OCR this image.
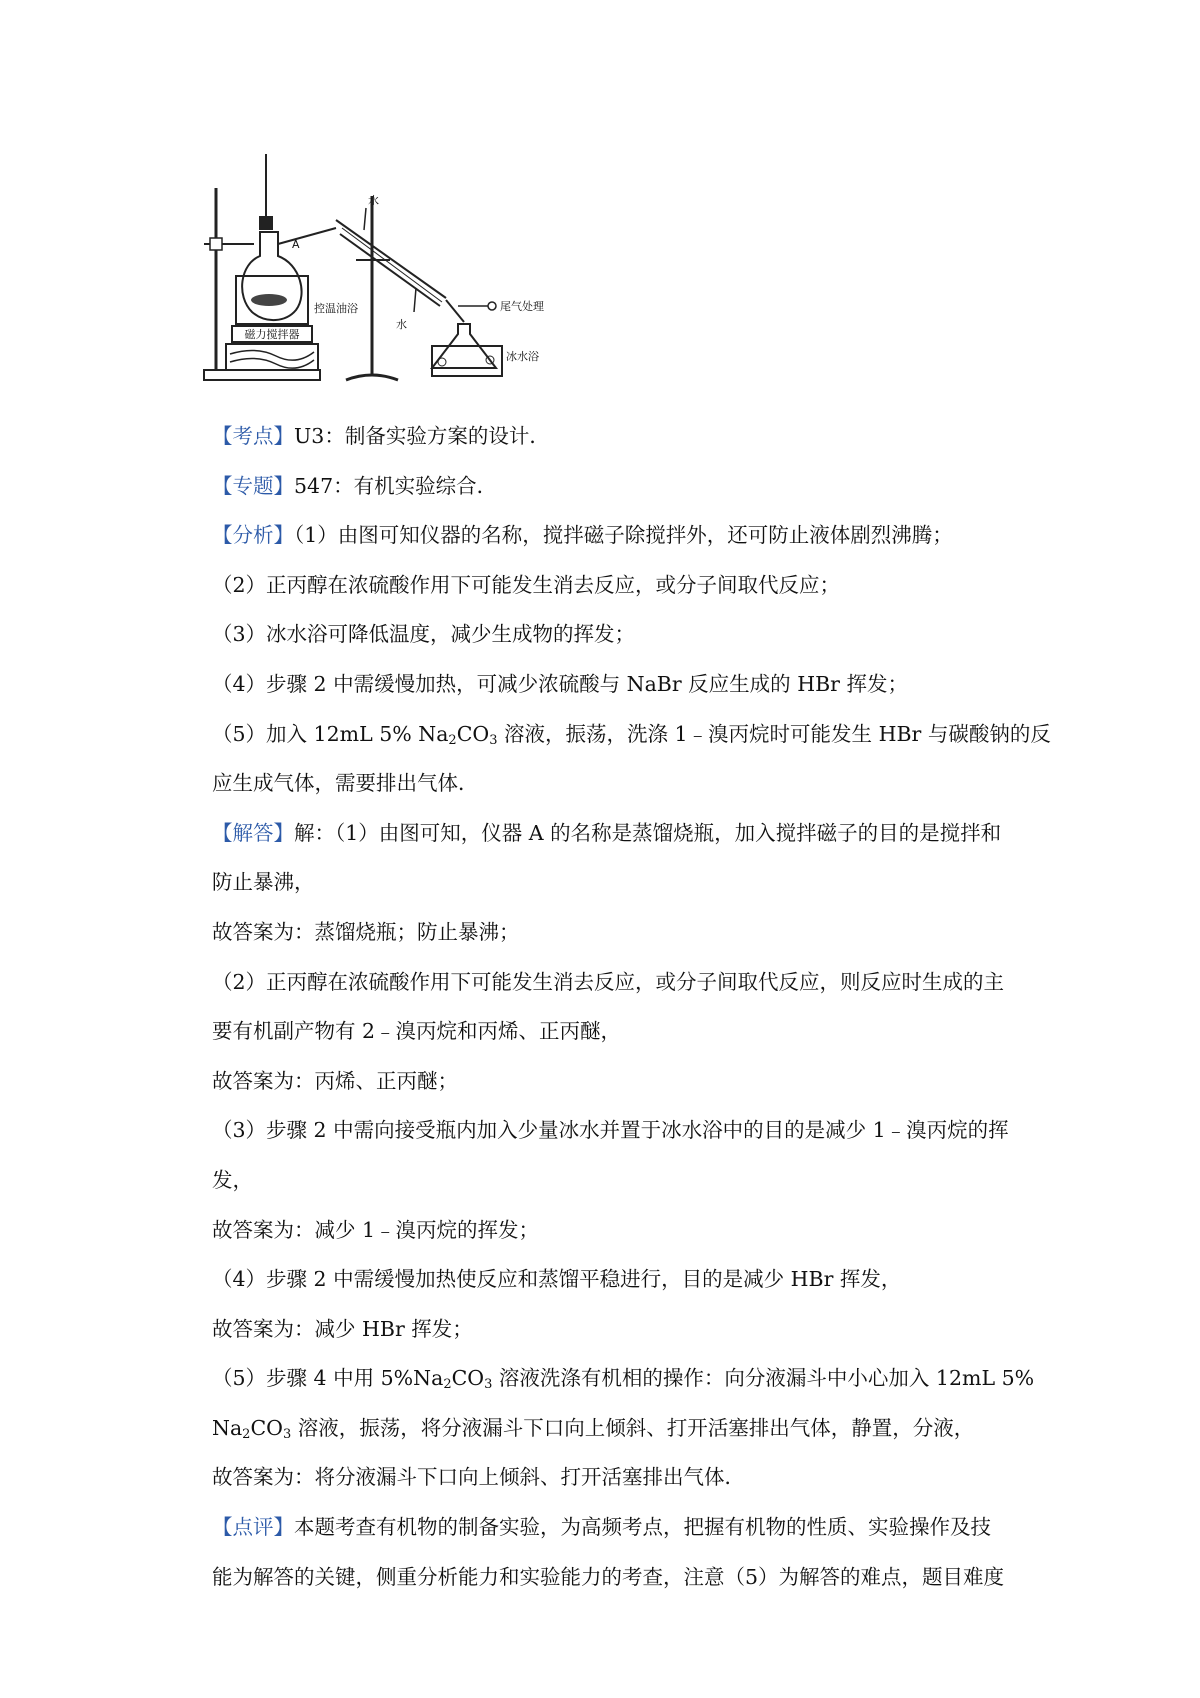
磁力搅拌器
A
水
水
控温油浴	尾气处理
冰水浴
【考点】U3：制备实验方案的设计．
【专题】547：有机实验综合．
【分析】（1）由图可知仪器的名称，搅拌磁子除搅拌外，还可防止液体剧烈沸腾；
（2）正丙醇在浓硫酸作用下可能发生消去反应，或分子间取代反应；
（3）冰水浴可降低温度，减少生成物的挥发；
（4）步骤 2 中需缓慢加热，可减少浓硫酸与 NaBr 反应生成的 HBr 挥发；
（5）加入 12mL 5% $Na_2CO_3$ 溶液，振荡，洗涤 1﹣溴丙烷时可能发生 HBr 与碳酸钠的反
应生成气体，需要排出气体．
【解答】解：（1）由图可知，仪器 A 的名称是蒸馏烧瓶，加入搅拌磁子的目的是搅拌和
防止暴沸，
故答案为：蒸馏烧瓶；防止暴沸；
（2）正丙醇在浓硫酸作用下可能发生消去反应，或分子间取代反应，则反应时生成的主
要有机副产物有 2﹣溴丙烷和丙烯、正丙醚，
故答案为：丙烯、正丙醚；
（3）步骤 2 中需向接受瓶内加入少量冰水并置于冰水浴中的目的是减少 1﹣溴丙烷的挥
发，
故答案为：减少 1﹣溴丙烷的挥发；
（4）步骤 2 中需缓慢加热使反应和蒸馏平稳进行，目的是减少 HBr 挥发，
故答案为：减少 HBr 挥发；
（5）步骤 4 中用 $5\%Na_2CO_3$ 溶液洗涤有机相的操作：向分液漏斗中小心加入 12mL 5%
$Na_2CO_3$ 溶液，振荡，将分液漏斗下口向上倾斜、打开活塞排出气体，静置，分液，
故答案为：将分液漏斗下口向上倾斜、打开活塞排出气体．
【点评】本题考查有机物的制备实验，为高频考点，把握有机物的性质、实验操作及技
能为解答的关键，侧重分析能力和实验能力的考查，注意（5）为解答的难点，题目难度
